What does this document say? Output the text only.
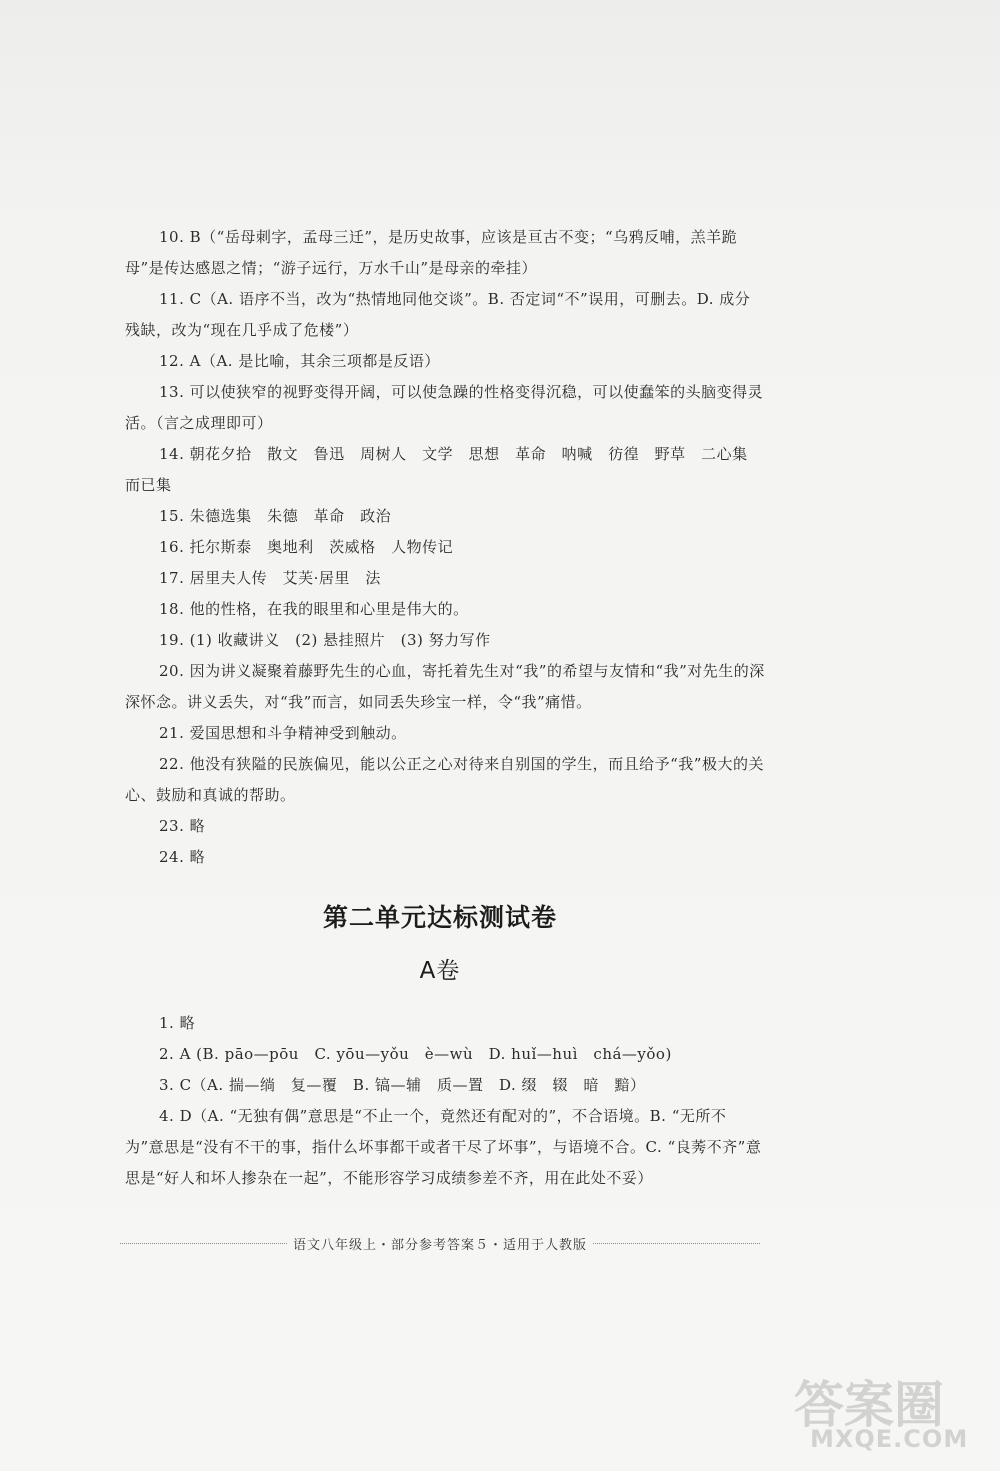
10. B（“岳母刺字，孟母三迁”，是历史故事，应该是亘古不变；“乌鸦反哺，羔羊跪母”是传达感恩之情；“游子远行，万水千山”是母亲的牵挂）

11. C（A. 语序不当，改为“热情地同他交谈”。B. 否定词“不”误用，可删去。D. 成分残缺，改为“现在几乎成了危楼”）

12. A（A. 是比喻，其余三项都是反语）

13. 可以使狭窄的视野变得开阔，可以使急躁的性格变得沉稳，可以使蠢笨的头脑变得灵活。（言之成理即可）

14. 朝花夕拾　散文　鲁迅　周树人　文学　思想　革命　呐喊　彷徨　野草　二心集　而已集

15. 朱德选集　朱德　革命　政治

16. 托尔斯泰　奥地利　茨威格　人物传记

17. 居里夫人传　艾芙·居里　法

18. 他的性格，在我的眼里和心里是伟大的。

19. (1) 收藏讲义　(2) 悬挂照片　(3) 努力写作

20. 因为讲义凝聚着藤野先生的心血，寄托着先生对“我”的希望与友情和“我”对先生的深深怀念。讲义丢失，对“我”而言，如同丢失珍宝一样，令“我”痛惜。

21. 爱国思想和斗争精神受到触动。

22. 他没有狭隘的民族偏见，能以公正之心对待来自别国的学生，而且给予“我”极大的关心、鼓励和真诚的帮助。

23. 略

24. 略

第二单元达标测试卷
A卷

1. 略

2. A (B. pāo—pōu　C. yōu—yǒu　è—wù　D. huǐ—huì　chá—yǒo)

3. C（A. 揣—绱　复—覆　B. 镐—辅　质—置　D. 缀　辍　暗　黯）

4. D（A. “无独有偶”意思是“不止一个，竟然还有配对的”，不合语境。B. “无所不为”意思是“没有不干的事，指什么坏事都干或者干尽了坏事”，与语境不合。C. “良莠不齐”意思是“好人和坏人掺杂在一起”，不能形容学习成绩参差不齐，用在此处不妥）

语文八年级上・部分参考答案５・适用于人教版
答案圈
MXQE.COM
